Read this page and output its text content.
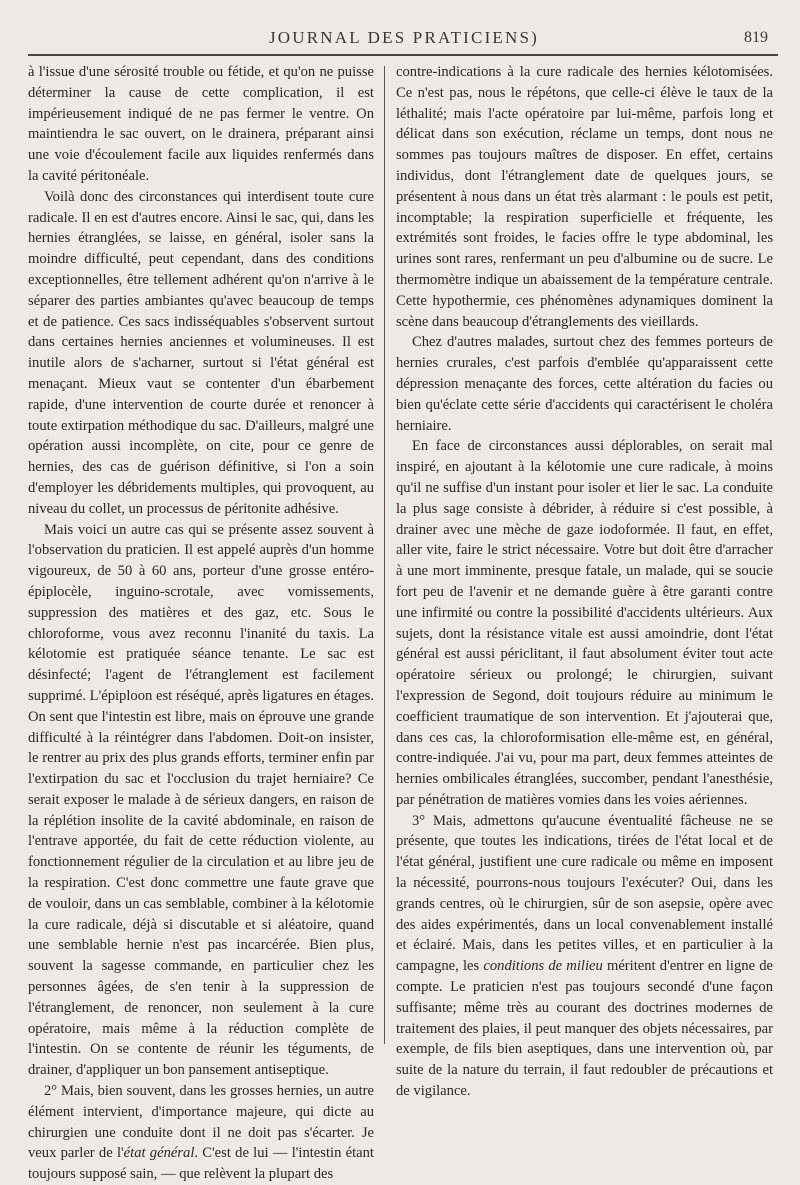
JOURNAL DES PRATICIENS)	819

à l'issue d'une sérosité trouble ou fétide, et qu'on ne puisse déterminer la cause de cette complication, il est impérieusement indiqué de ne pas fermer le ventre. On maintiendra le sac ouvert, on le drainera, préparant ainsi une voie d'écoulement facile aux liquides renfermés dans la cavité péritonéale.

Voilà donc des circonstances qui interdisent toute cure radicale. Il en est d'autres encore. Ainsi le sac, qui, dans les hernies étranglées, se laisse, en général, isoler sans la moindre difficulté, peut cependant, dans des conditions exceptionnelles, être tellement adhérent qu'on n'arrive à le séparer des parties ambiantes qu'avec beaucoup de temps et de patience. Ces sacs indisséquables s'observent surtout dans certaines hernies anciennes et volumineuses. Il est inutile alors de s'acharner, surtout si l'état général est menaçant. Mieux vaut se contenter d'un ébarbement rapide, d'une intervention de courte durée et renoncer à toute extirpation méthodique du sac. D'ailleurs, malgré une opération aussi incomplète, on cite, pour ce genre de hernies, des cas de guérison définitive, si l'on a soin d'employer les débridements multiples, qui provoquent, au niveau du collet, un processus de péritonite adhésive.

Mais voici un autre cas qui se présente assez souvent à l'observation du praticien. Il est appelé auprès d'un homme vigoureux, de 50 à 60 ans, porteur d'une grosse entéro-épiplocèle, inguino-scrotale, avec vomissements, suppression des matières et des gaz, etc. Sous le chloroforme, vous avez reconnu l'inanité du taxis. La kélotomie est pratiquée séance tenante. Le sac est désinfecté; l'agent de l'étranglement est facilement supprimé. L'épiploon est réséqué, après ligatures en étages. On sent que l'intestin est libre, mais on éprouve une grande difficulté à la réintégrer dans l'abdomen. Doit-on insister, le rentrer au prix des plus grands efforts, terminer enfin par l'extirpation du sac et l'occlusion du trajet herniaire? Ce serait exposer le malade à de sérieux dangers, en raison de la réplétion insolite de la cavité abdominale, en raison de l'entrave apportée, du fait de cette réduction violente, au fonctionnement régulier de la circulation et au libre jeu de la respiration. C'est donc commettre une faute grave que de vouloir, dans un cas semblable, combiner à la kélotomie la cure radicale, déjà si discutable et si aléatoire, quand une semblable hernie n'est pas incarcérée. Bien plus, souvent la sagesse commande, en particulier chez les personnes âgées, de s'en tenir à la suppression de l'étranglement, de renoncer, non seulement à la cure opératoire, mais même à la réduction complète de l'intestin. On se contente de réunir les téguments, de drainer, d'appliquer un bon pansement antiseptique.

2° Mais, bien souvent, dans les grosses hernies, un autre élément intervient, d'importance majeure, qui dicte au chirurgien une conduite dont il ne doit pas s'écarter. Je veux parler de l'état général. C'est de lui — l'intestin étant toujours supposé sain, — que relèvent la plupart des

contre-indications à la cure radicale des hernies kélotomisées. Ce n'est pas, nous le répétons, que celle-ci élève le taux de la léthalité; mais l'acte opératoire par lui-même, parfois long et délicat dans son exécution, réclame un temps, dont nous ne sommes pas toujours maîtres de disposer. En effet, certains individus, dont l'étranglement date de quelques jours, se présentent à nous dans un état très alarmant : le pouls est petit, incomptable; la respiration superficielle et fréquente, les extrémités sont froides, le facies offre le type abdominal, les urines sont rares, renfermant un peu d'albumine ou de sucre. Le thermomètre indique un abaissement de la température centrale. Cette hypothermie, ces phénomènes adynamiques dominent la scène dans beaucoup d'étranglements des vieillards.

Chez d'autres malades, surtout chez des femmes porteurs de hernies crurales, c'est parfois d'emblée qu'apparaissent cette dépression menaçante des forces, cette altération du facies ou bien qu'éclate cette série d'accidents qui caractérisent le choléra herniaire.

En face de circonstances aussi déplorables, on serait mal inspiré, en ajoutant à la kélotomie une cure radicale, à moins qu'il ne suffise d'un instant pour isoler et lier le sac. La conduite la plus sage consiste à débrider, à réduire si c'est possible, à drainer avec une mèche de gaze iodoformée. Il faut, en effet, aller vite, faire le strict nécessaire. Votre but doit être d'arracher à une mort imminente, presque fatale, un malade, qui se soucie fort peu de l'avenir et ne demande guère à être garanti contre une infirmité ou contre la possibilité d'accidents ultérieurs. Aux sujets, dont la résistance vitale est aussi amoindrie, dont l'état général est aussi périclitant, il faut absolument éviter tout acte opératoire sérieux ou prolongé; le chirurgien, suivant l'expression de Segond, doit toujours réduire au minimum le coefficient traumatique de son intervention. Et j'ajouterai que, dans ces cas, la chloroformisation elle-même est, en général, contre-indiquée. J'ai vu, pour ma part, deux femmes atteintes de hernies ombilicales étranglées, succomber, pendant l'anesthésie, par pénétration de matières vomies dans les voies aériennes.

3° Mais, admettons qu'aucune éventualité fâcheuse ne se présente, que toutes les indications, tirées de l'état local et de l'état général, justifient une cure radicale ou même en imposent la nécessité, pourrons-nous toujours l'exécuter? Oui, dans les grands centres, où le chirurgien, sûr de son asepsie, opère avec des aides expérimentés, dans un local convenablement installé et éclairé. Mais, dans les petites villes, et en particulier à la campagne, les conditions de milieu méritent d'entrer en ligne de compte. Le praticien n'est pas toujours secondé d'une façon suffisante; même très au courant des doctrines modernes de traitement des plaies, il peut manquer des objets nécessaires, par exemple, de fils bien aseptiques, dans une intervention où, par suite de la nature du terrain, il faut redoubler de précautions et de vigilance.
